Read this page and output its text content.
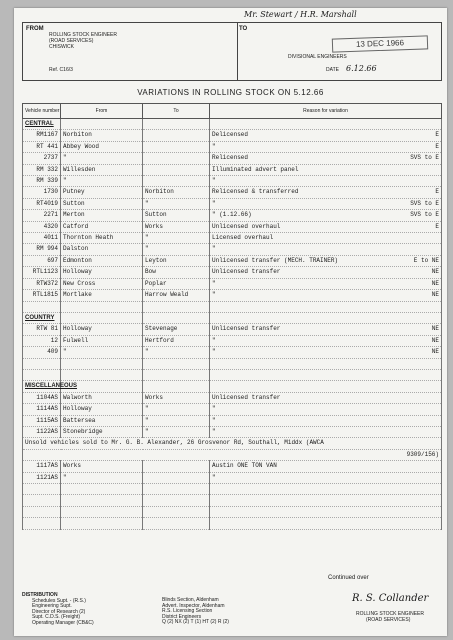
Mr. Stewart / H.R. Marshall
FROM
ROLLING STOCK ENGINEER
(ROAD SERVICES)
CHISWICK
Ref. C16/3
TO
DIVISIONAL ENGINEERS
DATE 6.12.66
13 DEC 1966
VARIATIONS IN ROLLING STOCK ON 5.12.66
Vehicle number	From	To	Reason for variation
CENTRAL			
RM1167	Norbiton		Delicensed E

RT 441	Abbey Wood		" E

2737	"		Relicensed SVS to E

RM 332	Willesden		Illuminated advert panel

RM 339	"		"

1730	Putney	Norbiton	Relicensed & transferred E

RT4019	Sutton	"	" SVS to E

2271	Merton	Sutton	" (1.12.66) SVS to E

4320	Catford	Works	Unlicensed overhaul E

4011	Thornton Heath	"	Licensed overhaul

RM 994	Dalston	"	"

697	Edmonton	Leyton	Unlicensed transfer (MECH. TRAINER) E to NE

RTL1123	Holloway	Bow	Unlicensed transfer NE

RTW372	New Cross	Poplar	" NE

RTL1815	Mortlake	Harrow Weald	" NE

COUNTRY			
RTW 81	Holloway	Stevenage	Unlicensed transfer NE

12	Fulwell	Hertford	" NE

409	"	"	" NE

MISCELLANEOUS			
1104AS	Walworth	Works	Unlicensed transfer

1114AS	Holloway	"	"

1115AS	Battersea	"	"

1122AS	Stonebridge	"	"

Unsold vehicles sold to Mr. G. B. Alexander, 26 Grosvenor Rd, Southall, Middx (AWCA			
9309/156)			
1117AS	Works		Austin ONE TON VAN

1121AS	"		"

Continued over
DISTRIBUTION
Schedules Supt. - (R.S.)
Engineering Supt.
Director of Research (2)
Supt. C.D.S. (Freight)
Operating Manager (CB&C)
Blinds Section, Aldenham
Advert. Inspector, Aldenham
R.S. Licensing Section
District Engineers
Q (2) NX (2) T (1) HT (2) R (2)
R. S. Collander
ROLLING STOCK ENGINEER
(ROAD SERVICES)
